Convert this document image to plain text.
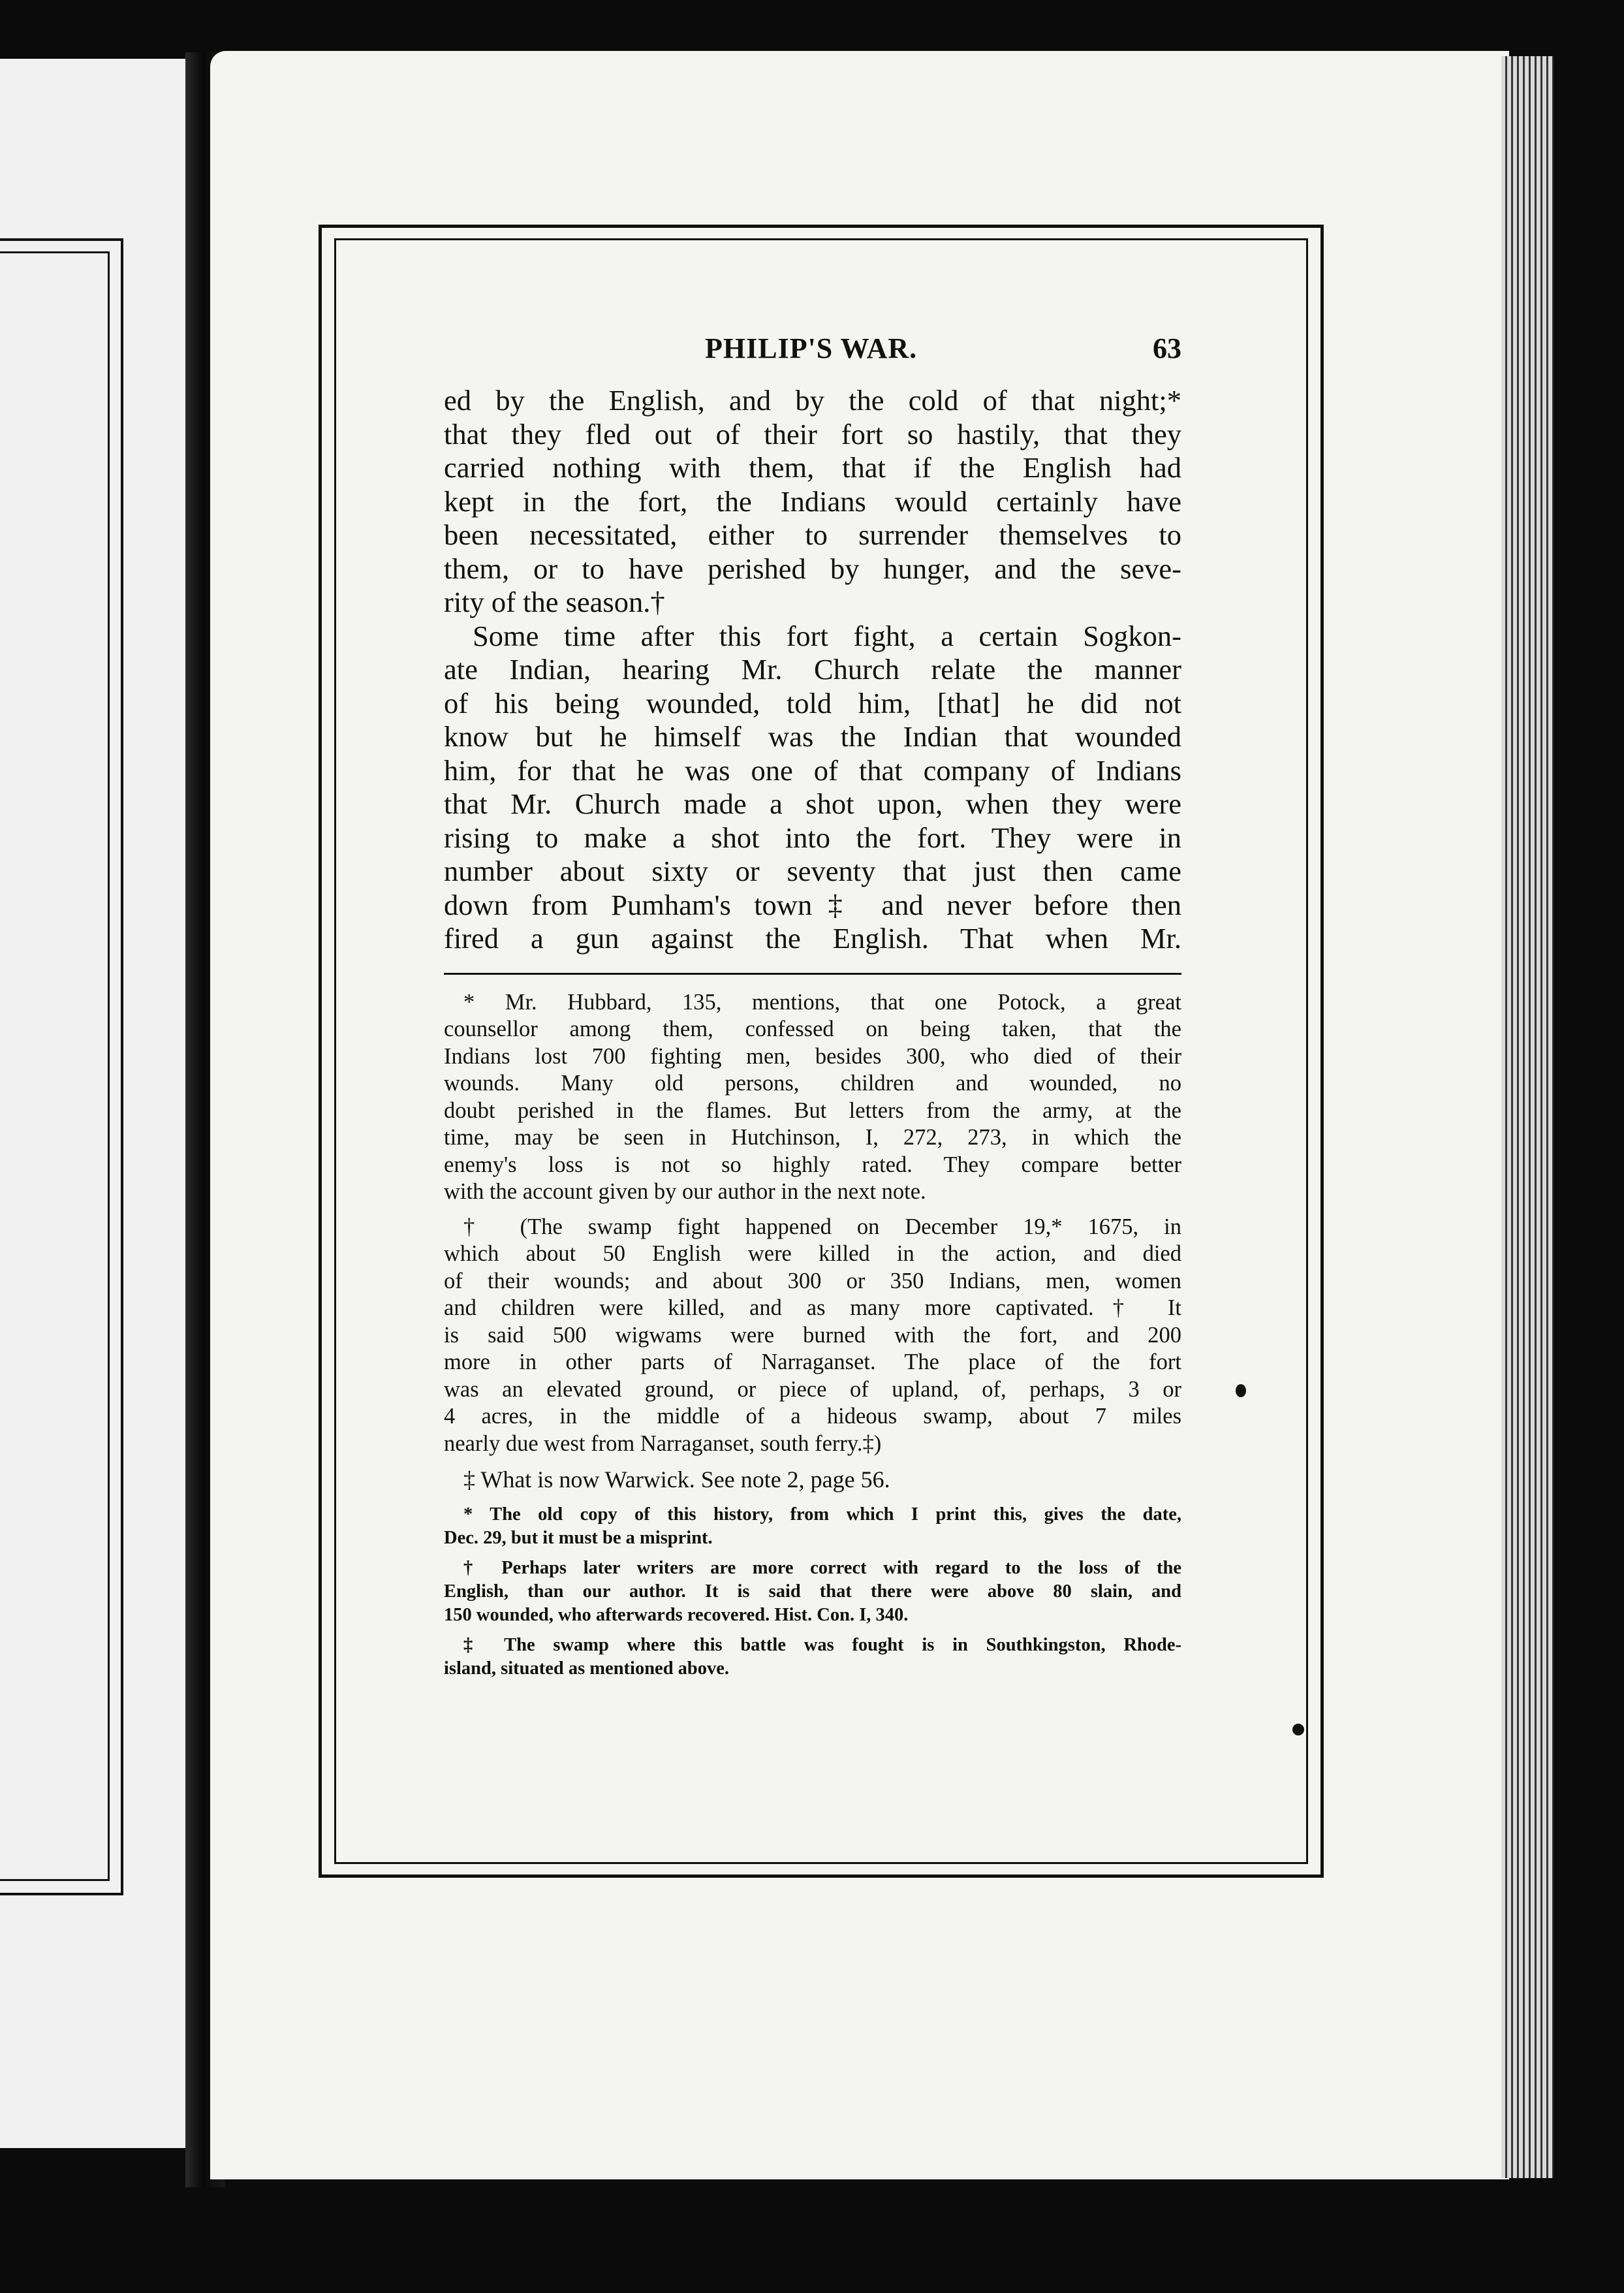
PHILIP'S WAR.	63
ed by the English, and by the cold of that night;*
that they fled out of their fort so hastily, that they
carried nothing with them, that if the English had
kept in the fort, the Indians would certainly have
been necessitated, either to surrender themselves to
them, or to have perished by hunger, and the seve-
rity of the season.†
Some time after this fort fight, a certain Sogkon-
ate Indian, hearing Mr. Church relate the manner
of his being wounded, told him, [that] he did not
know but he himself was the Indian that wounded
him, for that he was one of that company of Indians
that Mr. Church made a shot upon, when they were
rising to make a shot into the fort. They were in
number about sixty or seventy that just then came
down from Pumham's town‡ and never before then
fired a gun against the English. That when Mr.
* Mr. Hubbard, 135, mentions, that one Potock, a great
counsellor among them, confessed on being taken, that the
Indians lost 700 fighting men, besides 300, who died of their
wounds. Many old persons, children and wounded, no
doubt perished in the flames. But letters from the army, at the
time, may be seen in Hutchinson, I, 272, 273, in which the
enemy's loss is not so highly rated. They compare better
with the account given by our author in the next note.
† (The swamp fight happened on December 19,* 1675, in
which about 50 English were killed in the action, and died
of their wounds; and about 300 or 350 Indians, men, women
and children were killed, and as many more captivated.† It
is said 500 wigwams were burned with the fort, and 200
more in other parts of Narraganset. The place of the fort
was an elevated ground, or piece of upland, of, perhaps, 3 or
4 acres, in the middle of a hideous swamp, about 7 miles
nearly due west from Narraganset, south ferry.‡)
‡ What is now Warwick. See note 2, page 56.
* The old copy of this history, from which I print this, gives the date,
Dec. 29, but it must be a misprint.
† Perhaps later writers are more correct with regard to the loss of the
English, than our author. It is said that there were above 80 slain, and
150 wounded, who afterwards recovered. Hist. Con. I, 340.
‡ The swamp where this battle was fought is in Southkingston, Rhode-
island, situated as mentioned above.
